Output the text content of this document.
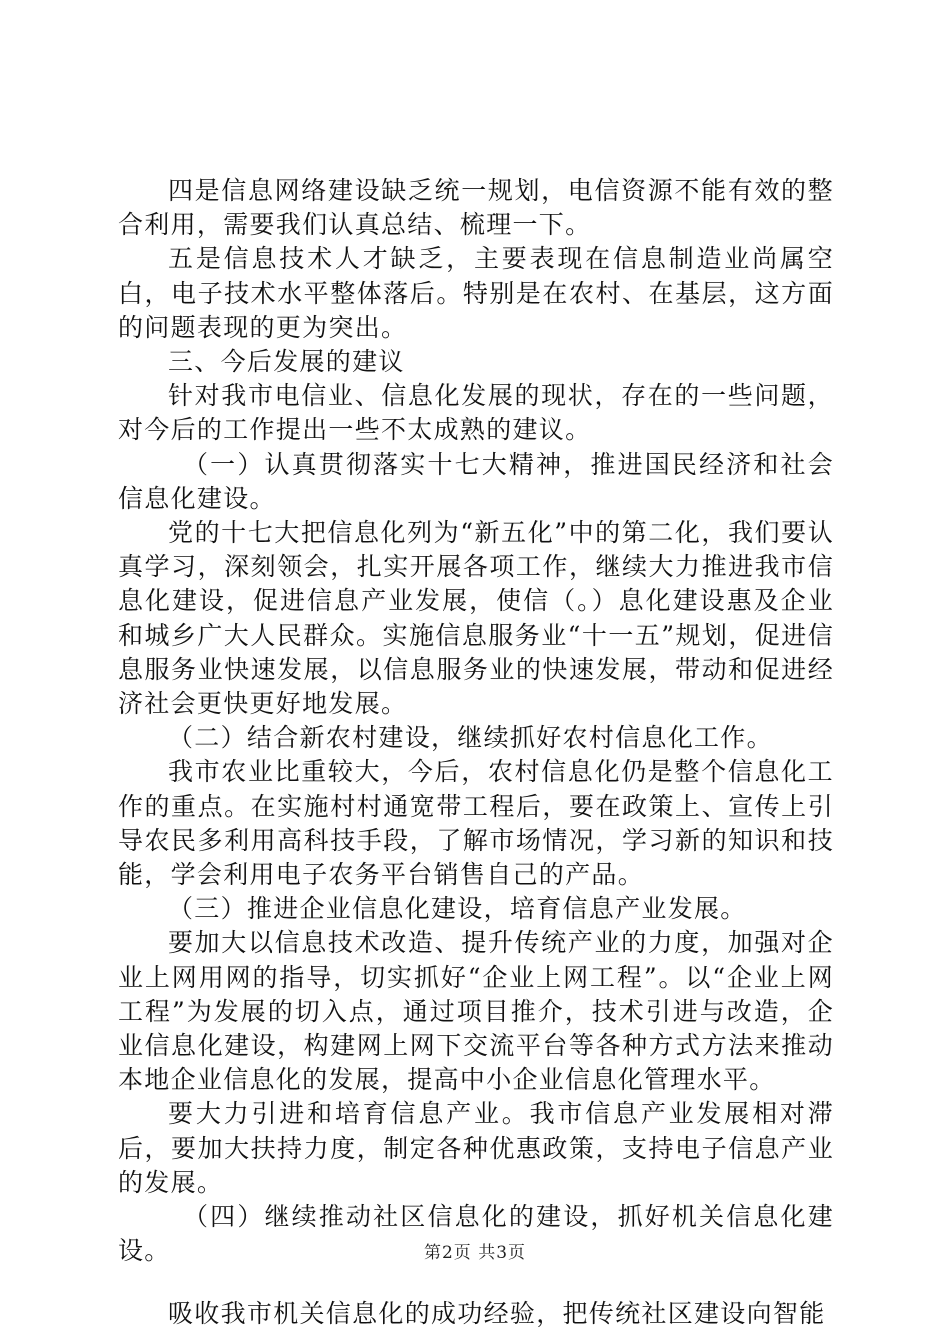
四是信息网络建设缺乏统一规划，电信资源不能有效的整合利用，需要我们认真总结、梳理一下。

五是信息技术人才缺乏，主要表现在信息制造业尚属空白，电子技术水平整体落后。特别是在农村、在基层，这方面的问题表现的更为突出。

三、今后发展的建议

针对我市电信业、信息化发展的现状，存在的一些问题，对今后的工作提出一些不太成熟的建议。

（一）认真贯彻落实十七大精神，推进国民经济和社会信息化建设。

党的十七大把信息化列为“新五化”中的第二化，我们要认真学习，深刻领会，扎实开展各项工作，继续大力推进我市信息化建设，促进信息产业发展，使信（。）息化建设惠及企业和城乡广大人民群众。实施信息服务业“十一五”规划，促进信息服务业快速发展，以信息服务业的快速发展，带动和促进经济社会更快更好地发展。

（二）结合新农村建设，继续抓好农村信息化工作。

我市农业比重较大，今后，农村信息化仍是整个信息化工作的重点。在实施村村通宽带工程后，要在政策上、宣传上引导农民多利用高科技手段，了解市场情况，学习新的知识和技能，学会利用电子农务平台销售自己的产品。

（三）推进企业信息化建设，培育信息产业发展。

要加大以信息技术改造、提升传统产业的力度，加强对企业上网用网的指导，切实抓好“企业上网工程”。以“企业上网工程”为发展的切入点，通过项目推介，技术引进与改造，企业信息化建设，构建网上网下交流平台等各种方式方法来推动本地企业信息化的发展，提高中小企业信息化管理水平。

要大力引进和培育信息产业。我市信息产业发展相对滞后，要加大扶持力度，制定各种优惠政策，支持电子信息产业的发展。

（四）继续推动社区信息化的建设，抓好机关信息化建设。

吸收我市机关信息化的成功经验，把传统社区建设向智能

第2页 共3页
